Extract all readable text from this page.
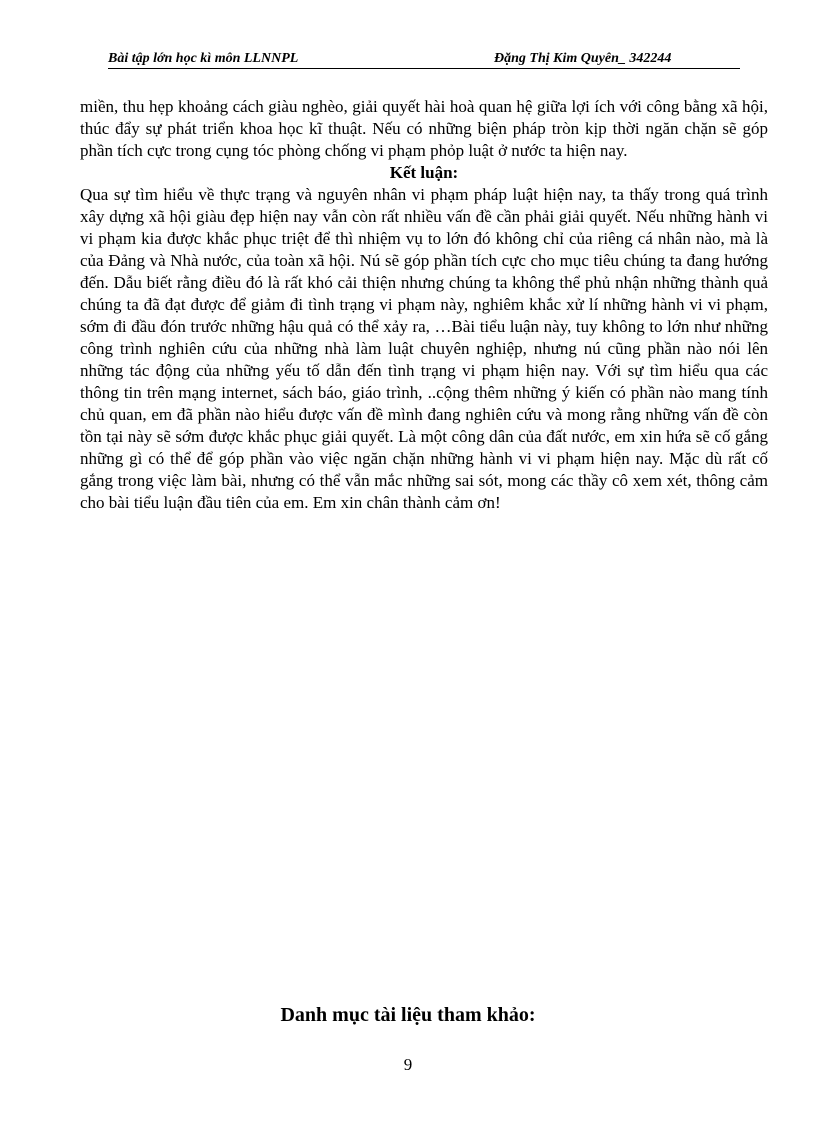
Bài tập lớn học kì môn LLNNPL	Đặng Thị Kim Quyên_ 342244

miền, thu hẹp khoảng cách giàu nghèo, giải quyết hài hoà quan hệ giữa lợi ích với công bằng xã hội, thúc đẩy sự phát triển khoa học kĩ thuật. Nếu có những biện pháp tròn kịp thời ngăn chặn sẽ góp phần tích cực trong cụng tóc phòng chống vi phạm phỏp luật ở nước ta hiện nay.

Kết luận:

Qua sự tìm hiểu về thực trạng và nguyên nhân vi phạm pháp luật hiện nay, ta thấy trong quá trình xây dựng xã hội giàu đẹp hiện nay vẫn còn rất nhiều vấn đề cần phải giải quyết. Nếu những hành vi vi phạm kia được khắc phục triệt để thì nhiệm vụ to lớn đó không chỉ của riêng cá nhân nào, mà là của Đảng và Nhà nước, của toàn xã hội. Nú sẽ góp phần tích cực cho mục tiêu chúng ta đang hướng đến. Dẫu biết rằng điều đó là rất khó cải thiện nhưng chúng ta không thể phủ nhận những thành quả chúng ta đã đạt được để giảm đi tình trạng vi phạm này, nghiêm khắc xử lí những hành vi vi phạm, sớm đi đầu đón trước những hậu quả có thể xảy ra, …Bài tiểu luận này, tuy không to lớn như những công trình nghiên cứu của những nhà làm luật chuyên nghiệp, nhưng nú cũng phần nào nói lên những tác động của những yếu tố dẫn đến tình trạng vi phạm hiện nay. Với sự tìm hiểu qua các thông tin trên mạng internet, sách báo, giáo trình, ..cộng thêm những ý kiến có phần nào mang tính chủ quan, em đã phần nào hiểu được vấn đề mình đang nghiên cứu và mong rằng những vấn đề còn tồn tại này sẽ sớm được khắc phục giải quyết. Là một công dân của đất nước, em xin hứa sẽ cố gắng những gì có thể để góp phần vào việc ngăn chặn những hành vi vi phạm hiện nay. Mặc dù rất cố gắng trong việc làm bài, nhưng có thể vẫn mắc những sai sót, mong các thầy cô xem xét, thông cảm cho bài tiểu luận đầu tiên của em. Em xin chân thành cảm ơn!

Danh mục tài liệu tham khảo:
9
